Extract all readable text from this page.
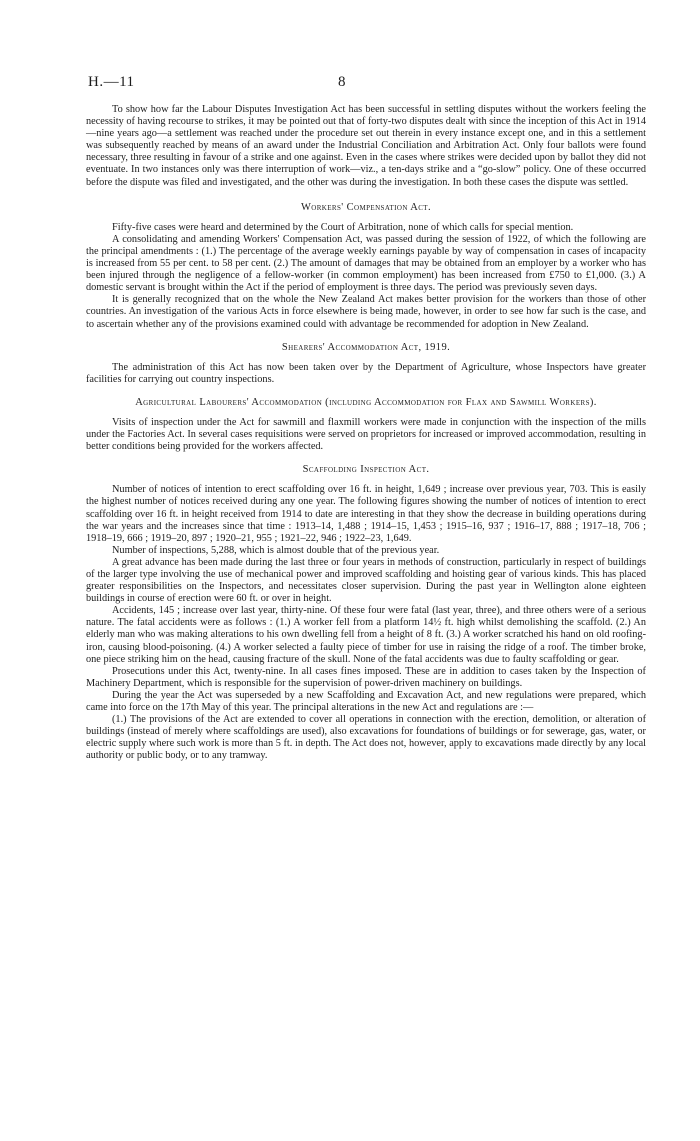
H.—11	8

To show how far the Labour Disputes Investigation Act has been successful in settling disputes without the workers feeling the necessity of having recourse to strikes, it may be pointed out that of forty-two disputes dealt with since the inception of this Act in 1914—nine years ago—a settlement was reached under the procedure set out therein in every instance except one, and in this a settlement was subsequently reached by means of an award under the Industrial Conciliation and Arbitration Act. Only four ballots were found necessary, three resulting in favour of a strike and one against. Even in the cases where strikes were decided upon by ballot they did not eventuate. In two instances only was there interruption of work—viz., a ten-days strike and a “go-slow” policy. One of these occurred before the dispute was filed and investigated, and the other was during the investigation. In both these cases the dispute was settled.

Workers' Compensation Act.

Fifty-five cases were heard and determined by the Court of Arbitration, none of which calls for special mention.

A consolidating and amending Workers' Compensation Act, was passed during the session of 1922, of which the following are the principal amendments : (1.) The percentage of the average weekly earnings payable by way of compensation in cases of incapacity is increased from 55 per cent. to 58 per cent. (2.) The amount of damages that may be obtained from an employer by a worker who has been injured through the negligence of a fellow-worker (in common employment) has been increased from £750 to £1,000. (3.) A domestic servant is brought within the Act if the period of employment is three days. The period was previously seven days.

It is generally recognized that on the whole the New Zealand Act makes better provision for the workers than those of other countries. An investigation of the various Acts in force elsewhere is being made, however, in order to see how far such is the case, and to ascertain whether any of the provisions examined could with advantage be recommended for adoption in New Zealand.

Shearers' Accommodation Act, 1919.

The administration of this Act has now been taken over by the Department of Agriculture, whose Inspectors have greater facilities for carrying out country inspections.

Agricultural Labourers' Accommodation (including Accommodation for Flax and Sawmill Workers).

Visits of inspection under the Act for sawmill and flaxmill workers were made in conjunction with the inspection of the mills under the Factories Act. In several cases requisitions were served on proprietors for increased or improved accommodation, resulting in better conditions being provided for the workers affected.

Scaffolding Inspection Act.

Number of notices of intention to erect scaffolding over 16 ft. in height, 1,649 ; increase over previous year, 703. This is easily the highest number of notices received during any one year. The following figures showing the number of notices of intention to erect scaffolding over 16 ft. in height received from 1914 to date are interesting in that they show the decrease in building operations during the war years and the increases since that time : 1913–14, 1,488 ; 1914–15, 1,453 ; 1915–16, 937 ; 1916–17, 888 ; 1917–18, 706 ; 1918–19, 666 ; 1919–20, 897 ; 1920–21, 955 ; 1921–22, 946 ; 1922–23, 1,649.

Number of inspections, 5,288, which is almost double that of the previous year.

A great advance has been made during the last three or four years in methods of construction, particularly in respect of buildings of the larger type involving the use of mechanical power and improved scaffolding and hoisting gear of various kinds. This has placed greater responsibilities on the Inspectors, and necessitates closer supervision. During the past year in Wellington alone eighteen buildings in course of erection were 60 ft. or over in height.

Accidents, 145 ; increase over last year, thirty-nine. Of these four were fatal (last year, three), and three others were of a serious nature. The fatal accidents were as follows : (1.) A worker fell from a platform 14½ ft. high whilst demolishing the scaffold. (2.) An elderly man who was making alterations to his own dwelling fell from a height of 8 ft. (3.) A worker scratched his hand on old roofing-iron, causing blood-poisoning. (4.) A worker selected a faulty piece of timber for use in raising the ridge of a roof. The timber broke, one piece striking him on the head, causing fracture of the skull. None of the fatal accidents was due to faulty scaffolding or gear.

Prosecutions under this Act, twenty-nine. In all cases fines imposed. These are in addition to cases taken by the Inspection of Machinery Department, which is responsible for the supervision of power-driven machinery on buildings.

During the year the Act was superseded by a new Scaffolding and Excavation Act, and new regulations were prepared, which came into force on the 17th May of this year. The principal alterations in the new Act and regulations are :—

(1.) The provisions of the Act are extended to cover all operations in connection with the erection, demolition, or alteration of buildings (instead of merely where scaffoldings are used), also excavations for foundations of buildings or for sewerage, gas, water, or electric supply where such work is more than 5 ft. in depth. The Act does not, however, apply to excavations made directly by any local authority or public body, or to any tramway.
